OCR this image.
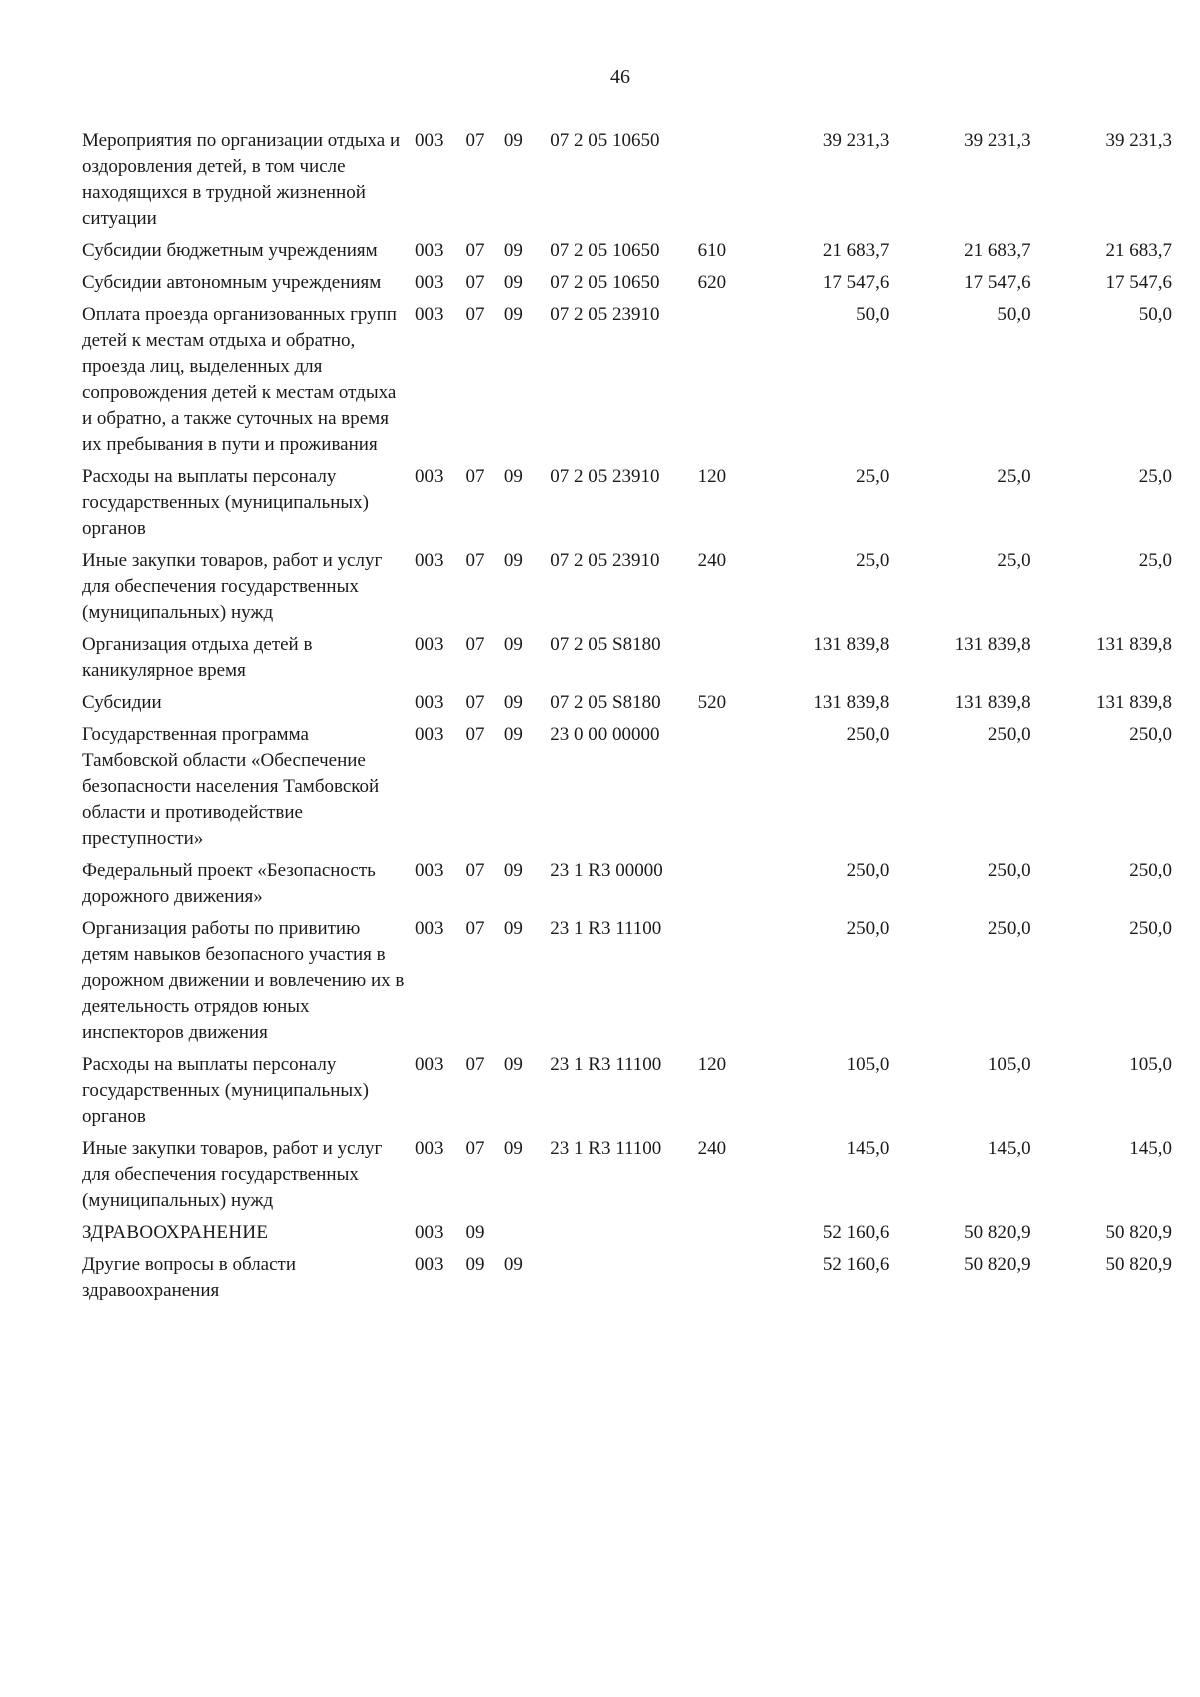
46
Мероприятия по организации отдыха и оздоровления детей, в том числе находящихся в трудной жизненной ситуации	003	07	09	07 2 05 10650		39 231,3	39 231,3	39 231,3
Субсидии бюджетным учреждениям	003	07	09	07 2 05 10650	610	21 683,7	21 683,7	21 683,7
Субсидии автономным учреждениям	003	07	09	07 2 05 10650	620	17 547,6	17 547,6	17 547,6
Оплата проезда организованных групп детей к местам отдыха и обратно, проезда лиц, выделенных для сопровождения детей к местам отдыха и обратно, а также суточных на время их пребывания в пути и проживания	003	07	09	07 2 05 23910		50,0	50,0	50,0
Расходы на выплаты персоналу государственных (муниципальных) органов	003	07	09	07 2 05 23910	120	25,0	25,0	25,0
Иные закупки товаров, работ и услуг для обеспечения государственных (муниципальных) нужд	003	07	09	07 2 05 23910	240	25,0	25,0	25,0
Организация отдыха детей в каникулярное время	003	07	09	07 2 05 S8180		131 839,8	131 839,8	131 839,8
Субсидии	003	07	09	07 2 05 S8180	520	131 839,8	131 839,8	131 839,8
Государственная программа Тамбовской области «Обеспечение безопасности населения Тамбовской области и противодействие преступности»	003	07	09	23 0 00 00000		250,0	250,0	250,0
Федеральный проект «Безопасность дорожного движения»	003	07	09	23 1 R3 00000		250,0	250,0	250,0
Организация работы по привитию детям навыков безопасного участия в дорожном движении и вовлечению их в деятельность отрядов юных инспекторов движения	003	07	09	23 1 R3 11100		250,0	250,0	250,0
Расходы на выплаты персоналу государственных (муниципальных) органов	003	07	09	23 1 R3 11100	120	105,0	105,0	105,0
Иные закупки товаров, работ и услуг для обеспечения государственных (муниципальных) нужд	003	07	09	23 1 R3 11100	240	145,0	145,0	145,0
ЗДРАВООХРАНЕНИЕ	003	09				52 160,6	50 820,9	50 820,9
Другие вопросы в области здравоохранения	003	09	09			52 160,6	50 820,9	50 820,9
